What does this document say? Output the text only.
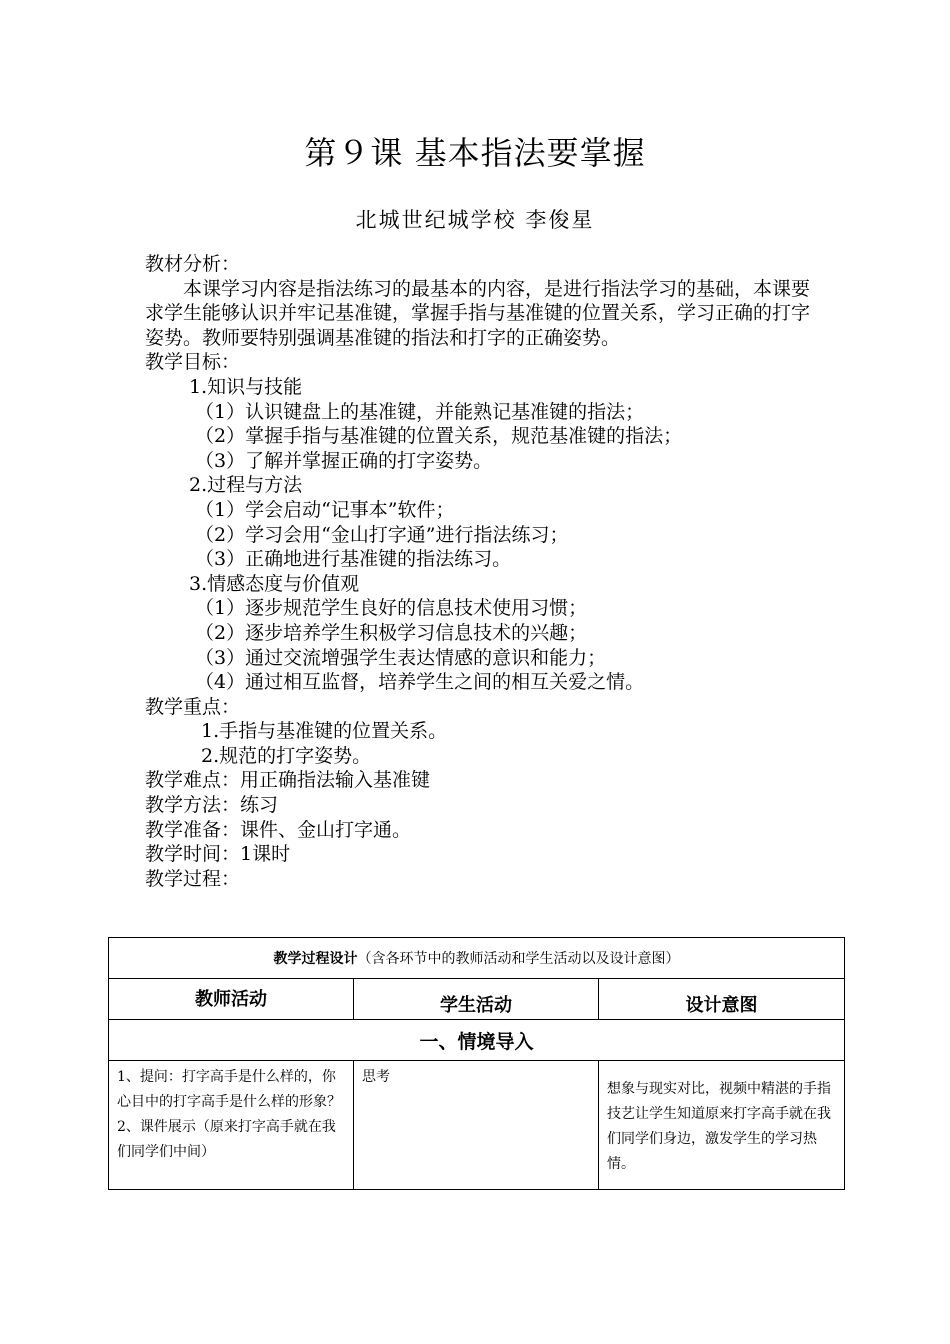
第９课 基本指法要掌握
北城世纪城学校 李俊星
教材分析：

本课学习内容是指法练习的最基本的内容，是进行指法学习的基础，本课要求学生能够认识并牢记基准键，掌握手指与基准键的位置关系，学习正确的打字姿势。教师要特别强调基准键的指法和打字的正确姿势。

教学目标：
1.知识与技能
（1）认识键盘上的基准键，并能熟记基准键的指法；
（2）掌握手指与基准键的位置关系，规范基准键的指法；
（3）了解并掌握正确的打字姿势。
2.过程与方法
（1）学会启动“记事本”软件；
（2）学习会用“金山打字通”进行指法练习；
（3）正确地进行基准键的指法练习。
3.情感态度与价值观
（1）逐步规范学生良好的信息技术使用习惯；
（2）逐步培养学生积极学习信息技术的兴趣；
（3）通过交流增强学生表达情感的意识和能力；
（4）通过相互监督，培养学生之间的相互关爱之情。
教学重点：
1.手指与基准键的位置关系。
2.规范的打字姿势。
教学难点：用正确指法输入基准键
教学方法：练习
教学准备：课件、金山打字通。
教学时间：1课时
教学过程：
教学过程设计（含各环节中的教师活动和学生活动以及设计意图）		

教师活动	学生活动	设计意图

一、情境导入		

1、提问：打字高手是什么样的，你心目中的打字高手是什么样的形象？
2、课件展示（原来打字高手就在我们同学们中间）	思考	想象与现实对比，视频中精湛的手指技艺让学生知道原来打字高手就在我们同学们身边，激发学生的学习热情。
